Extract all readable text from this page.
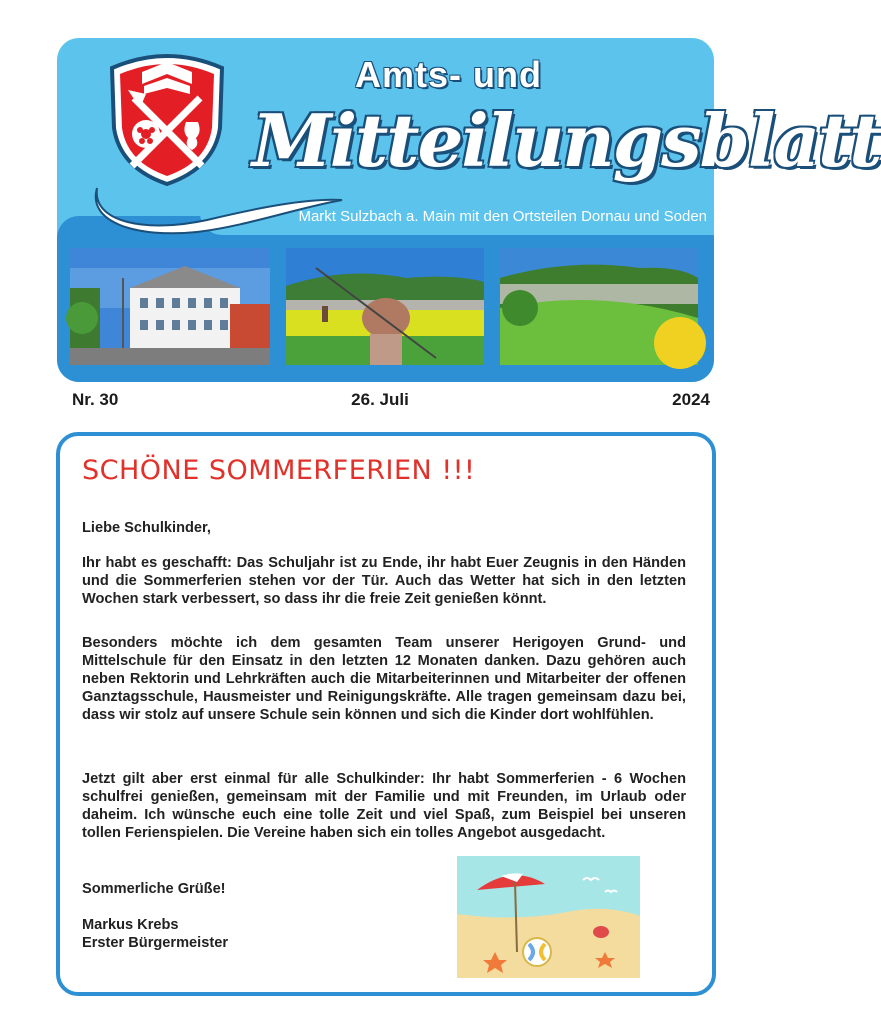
Markt Sulzbach a. Main mit den Ortsteilen Dornau und Soden
Amts- und
Mitteilungsblatt
Nr. 30	26. Juli	2024
SCHÖNE SOMMERFERIEN !!!
Liebe Schulkinder,
Ihr habt es geschafft: Das Schuljahr ist zu Ende, ihr habt Euer Zeugnis in den Händen und die Sommerferien stehen vor der Tür. Auch das Wetter hat sich in den letzten Wochen stark verbessert, so dass ihr die freie Zeit genießen könnt.
Besonders möchte ich dem gesamten Team unserer Herigoyen Grund- und Mittelschule für den Einsatz in den letzten 12 Monaten danken. Dazu gehören auch neben Rektorin und Lehrkräften auch die Mitarbeiterinnen und Mitarbeiter der offenen Ganztagsschule, Hausmeister und Reinigungskräfte. Alle tragen gemeinsam dazu bei, dass wir stolz auf unsere Schule sein können und sich die Kinder dort wohlfühlen.
Jetzt gilt aber erst einmal für alle Schulkinder: Ihr habt Sommerferien - 6 Wochen schulfrei genießen, gemeinsam mit der Familie und mit Freunden, im Urlaub oder daheim. Ich wünsche euch eine tolle Zeit und viel Spaß, zum Beispiel bei unseren tollen Ferienspielen. Die Vereine haben sich ein tolles Angebot ausgedacht.
Sommerliche Grüße!
Markus Krebs
Erster Bürgermeister
